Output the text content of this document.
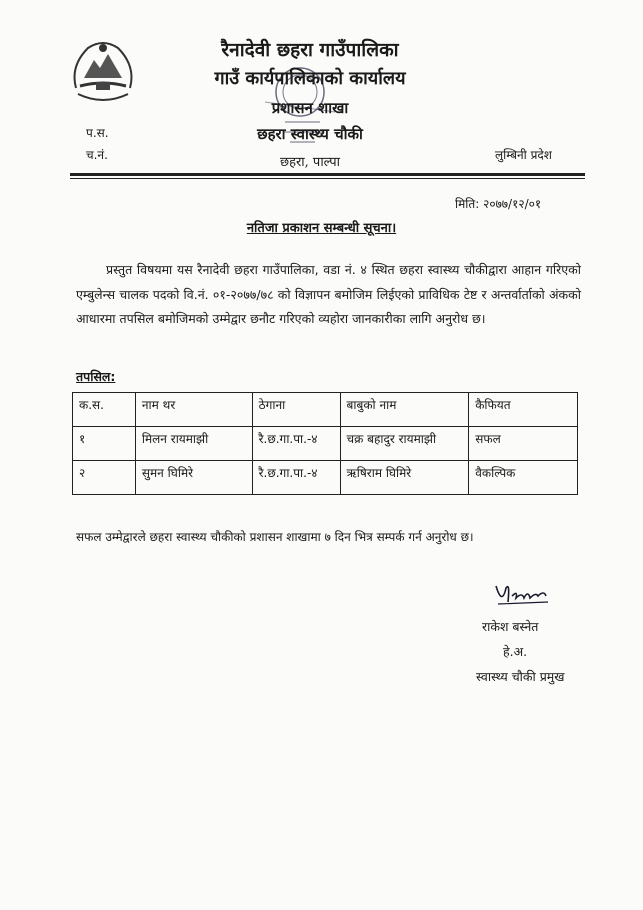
रैनादेवी छहरा गाउँपालिका
गाउँ कार्यपालिकाको कार्यालय
प्रशासन शाखा
छहरा स्वास्थ्य चौकी
छहरा, पाल्पा
प.स.
च.नं.	लुम्बिनी प्रदेश
मिति: २०७७/१२/०१
नतिजा प्रकाशन सम्बन्धी सूचना।
प्रस्तुत विषयमा यस रैनादेवी छहरा गाउँपालिका, वडा नं. ४ स्थित छहरा स्वास्थ्य चौकीद्वारा आहान गरिएको एम्बुलेन्स चालक पदको वि.नं. ०१-२०७७/७८ को विज्ञापन बमोजिम लिईएको प्राविधिक टेष्ट र अन्तर्वार्ताको अंकको आधारमा तपसिल बमोजिमको उम्मेद्वार छनौट गरिएको व्यहोरा जानकारीका लागि अनुरोध छ।
तपसिल:
क.स.	नाम थर	ठेगाना	बाबुको नाम	कैफियत
१	मिलन रायमाझी	रै.छ.गा.पा.-४	चक्र बहादुर रायमाझी	सफल
२	सुमन घिमिरे	रै.छ.गा.पा.-४	ऋषिराम घिमिरे	वैकल्पिक
सफल उम्मेद्वारले छहरा स्वास्थ्य चौकीको प्रशासन शाखामा ७ दिन भित्र सम्पर्क गर्न अनुरोध छ।
राकेश बस्नेत
हे.अ.
स्वास्थ्य चौकी प्रमुख
